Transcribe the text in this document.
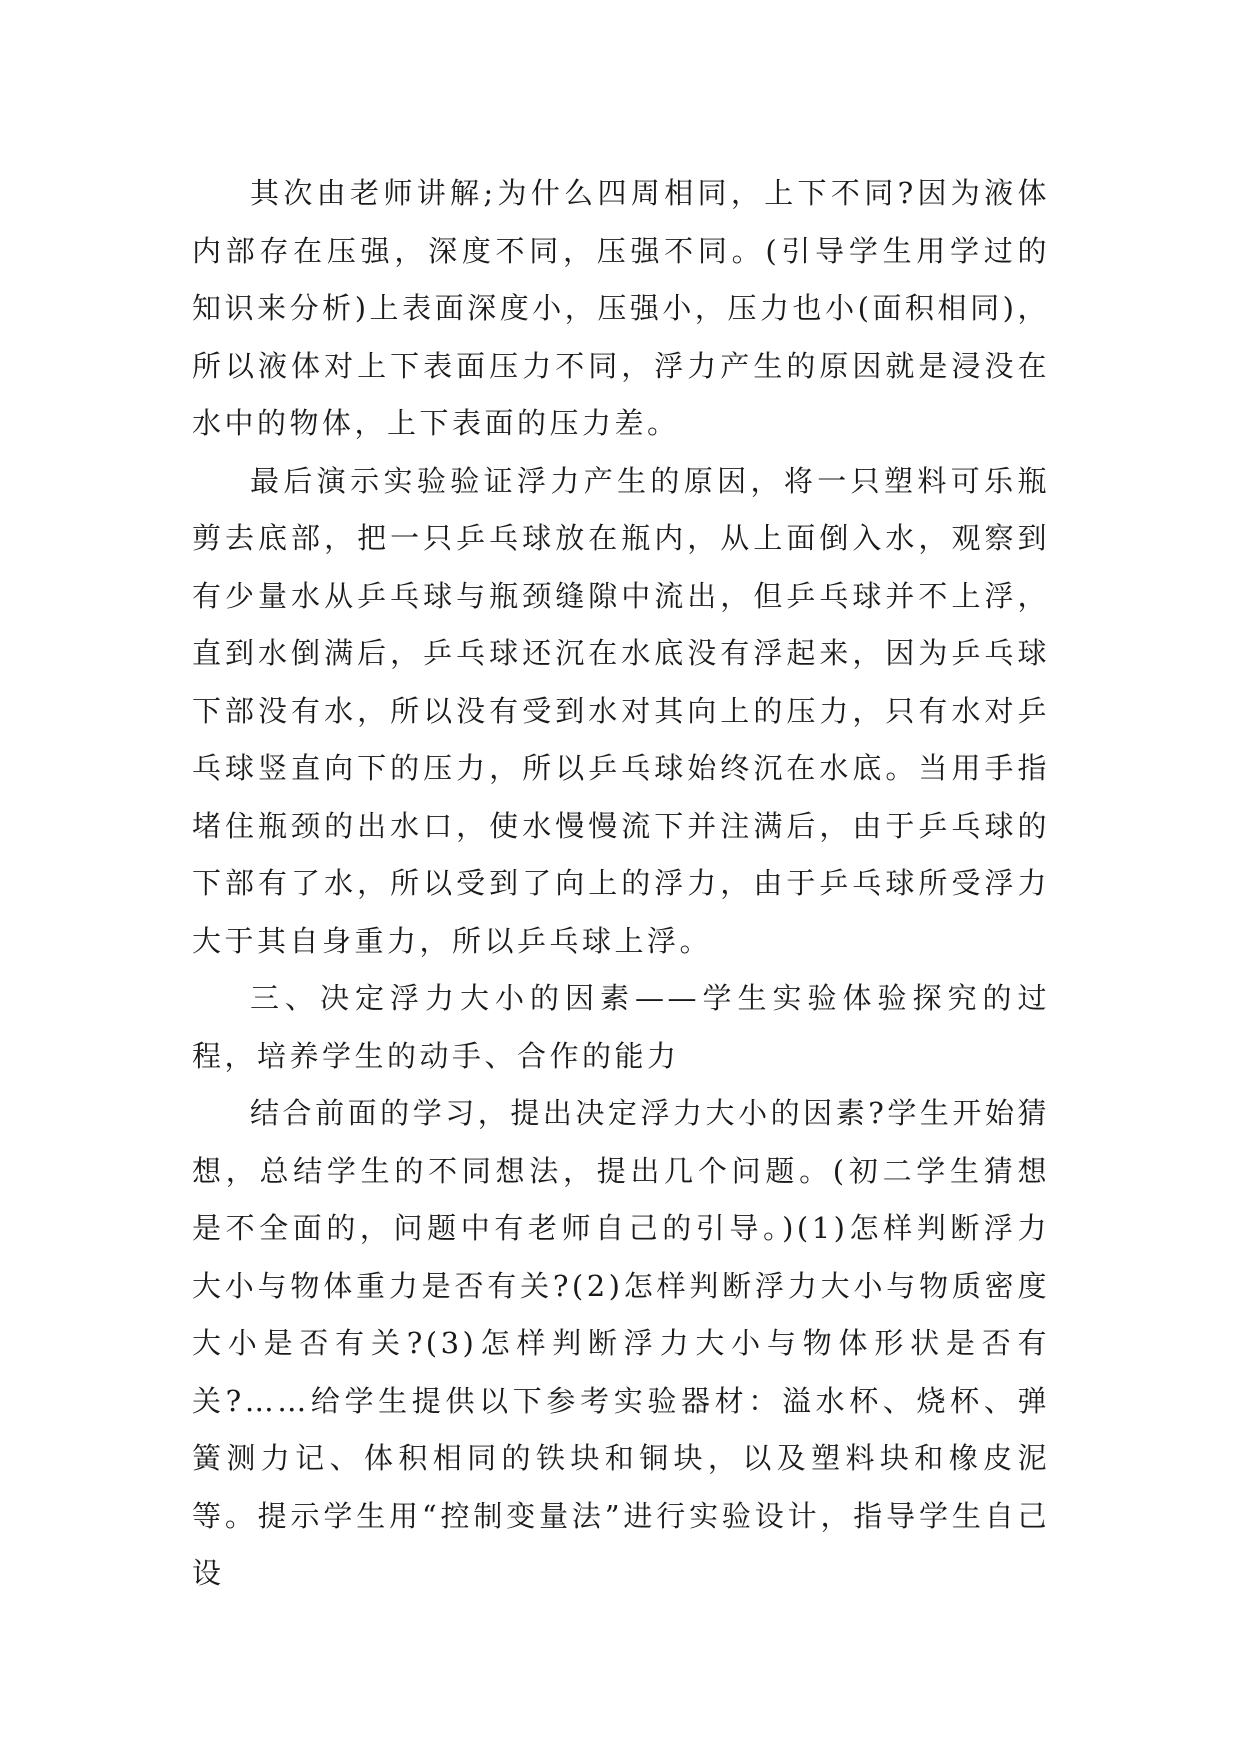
其次由老师讲解;为什么四周相同，上下不同?因为液体内部存在压强，深度不同，压强不同。(引导学生用学过的知识来分析)上表面深度小，压强小，压力也小(面积相同)，所以液体对上下表面压力不同，浮力产生的原因就是浸没在水中的物体，上下表面的压力差。

最后演示实验验证浮力产生的原因，将一只塑料可乐瓶剪去底部，把一只乒乓球放在瓶内，从上面倒入水，观察到有少量水从乒乓球与瓶颈缝隙中流出，但乒乓球并不上浮，直到水倒满后，乒乓球还沉在水底没有浮起来，因为乒乓球下部没有水，所以没有受到水对其向上的压力，只有水对乒乓球竖直向下的压力，所以乒乓球始终沉在水底。当用手指堵住瓶颈的出水口，使水慢慢流下并注满后，由于乒乓球的下部有了水，所以受到了向上的浮力，由于乒乓球所受浮力大于其自身重力，所以乒乓球上浮。

三、决定浮力大小的因素——学生实验体验探究的过程，培养学生的动手、合作的能力

结合前面的学习，提出决定浮力大小的因素?学生开始猜想，总结学生的不同想法，提出几个问题。(初二学生猜想是不全面的，问题中有老师自己的引导。)(1)怎样判断浮力大小与物体重力是否有关?(2)怎样判断浮力大小与物质密度大小是否有关?(3)怎样判断浮力大小与物体形状是否有关?……给学生提供以下参考实验器材：溢水杯、烧杯、弹簧测力记、体积相同的铁块和铜块，以及塑料块和橡皮泥等。提示学生用“控制变量法”进行实验设计，指导学生自己设
